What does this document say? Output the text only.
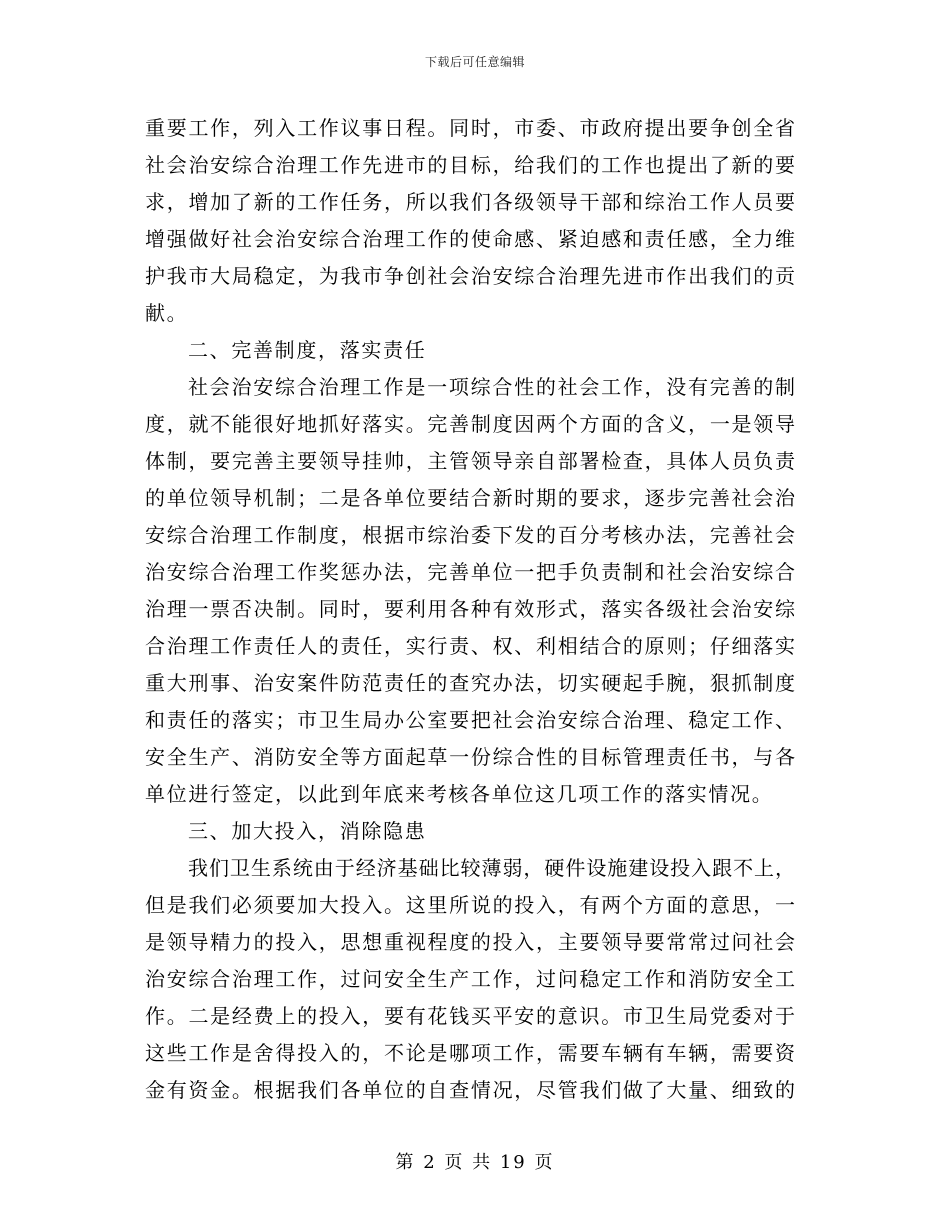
下载后可任意编辑
重要工作，列入工作议事日程。同时，市委、市政府提出要争创全省
社会治安综合治理工作先进市的目标，给我们的工作也提出了新的要
求，增加了新的工作任务，所以我们各级领导干部和综治工作人员要
增强做好社会治安综合治理工作的使命感、紧迫感和责任感，全力维
护我市大局稳定，为我市争创社会治安综合治理先进市作出我们的贡
献。
二、完善制度，落实责任
社会治安综合治理工作是一项综合性的社会工作，没有完善的制
度，就不能很好地抓好落实。完善制度因两个方面的含义，一是领导
体制，要完善主要领导挂帅，主管领导亲自部署检查，具体人员负责
的单位领导机制；二是各单位要结合新时期的要求，逐步完善社会治
安综合治理工作制度，根据市综治委下发的百分考核办法，完善社会
治安综合治理工作奖惩办法，完善单位一把手负责制和社会治安综合
治理一票否决制。同时，要利用各种有效形式，落实各级社会治安综
合治理工作责任人的责任，实行责、权、利相结合的原则；仔细落实
重大刑事、治安案件防范责任的查究办法，切实硬起手腕，狠抓制度
和责任的落实；市卫生局办公室要把社会治安综合治理、稳定工作、
安全生产、消防安全等方面起草一份综合性的目标管理责任书，与各
单位进行签定，以此到年底来考核各单位这几项工作的落实情况。
三、加大投入，消除隐患
我们卫生系统由于经济基础比较薄弱，硬件设施建设投入跟不上，
但是我们必须要加大投入。这里所说的投入，有两个方面的意思，一
是领导精力的投入，思想重视程度的投入，主要领导要常常过问社会
治安综合治理工作，过问安全生产工作，过问稳定工作和消防安全工
作。二是经费上的投入，要有花钱买平安的意识。市卫生局党委对于
这些工作是舍得投入的，不论是哪项工作，需要车辆有车辆，需要资
金有资金。根据我们各单位的自查情况，尽管我们做了大量、细致的
第 2 页 共 19 页
